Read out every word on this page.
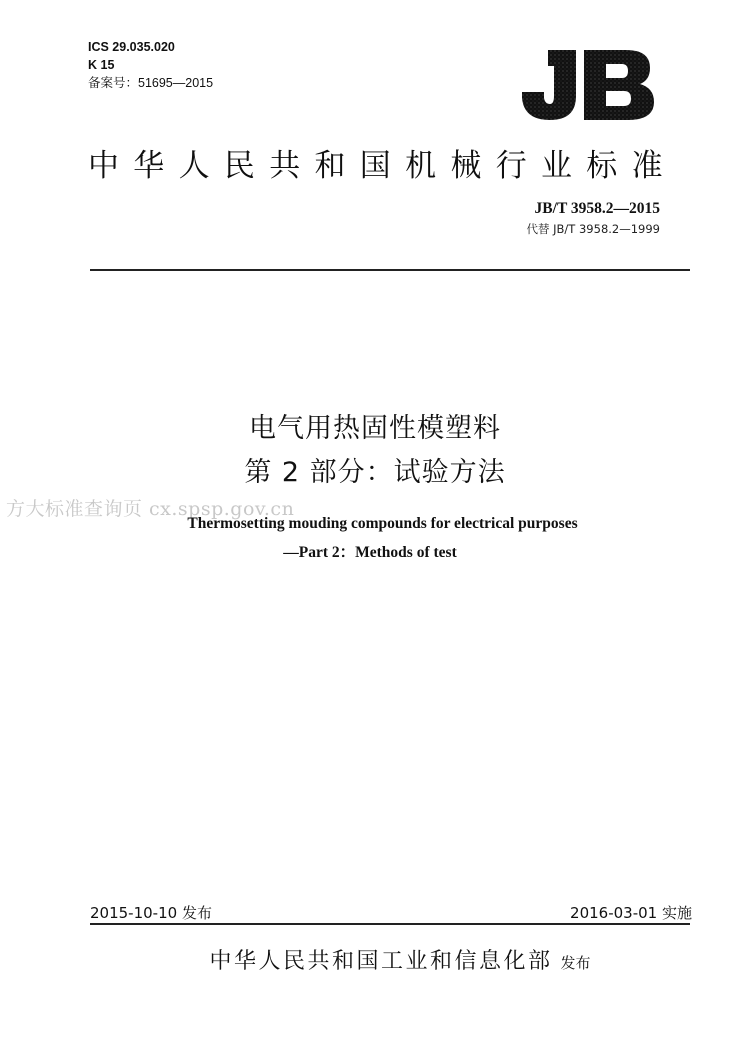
ICS 29.035.020
K 15
备案号：51695—2015
中华人民共和国机械行业标准
JB/T 3958.2—2015
代替 JB/T 3958.2—1999
电气用热固性模塑料
第 2 部分：试验方法
方大标准查询页 cx.spsp.gov.cn
Thermosetting mouding compounds for electrical purposes
—Part 2：Methods of test
2015-10-10 发布	2016-03-01 实施
中华人民共和国工业和信息化部 发布
